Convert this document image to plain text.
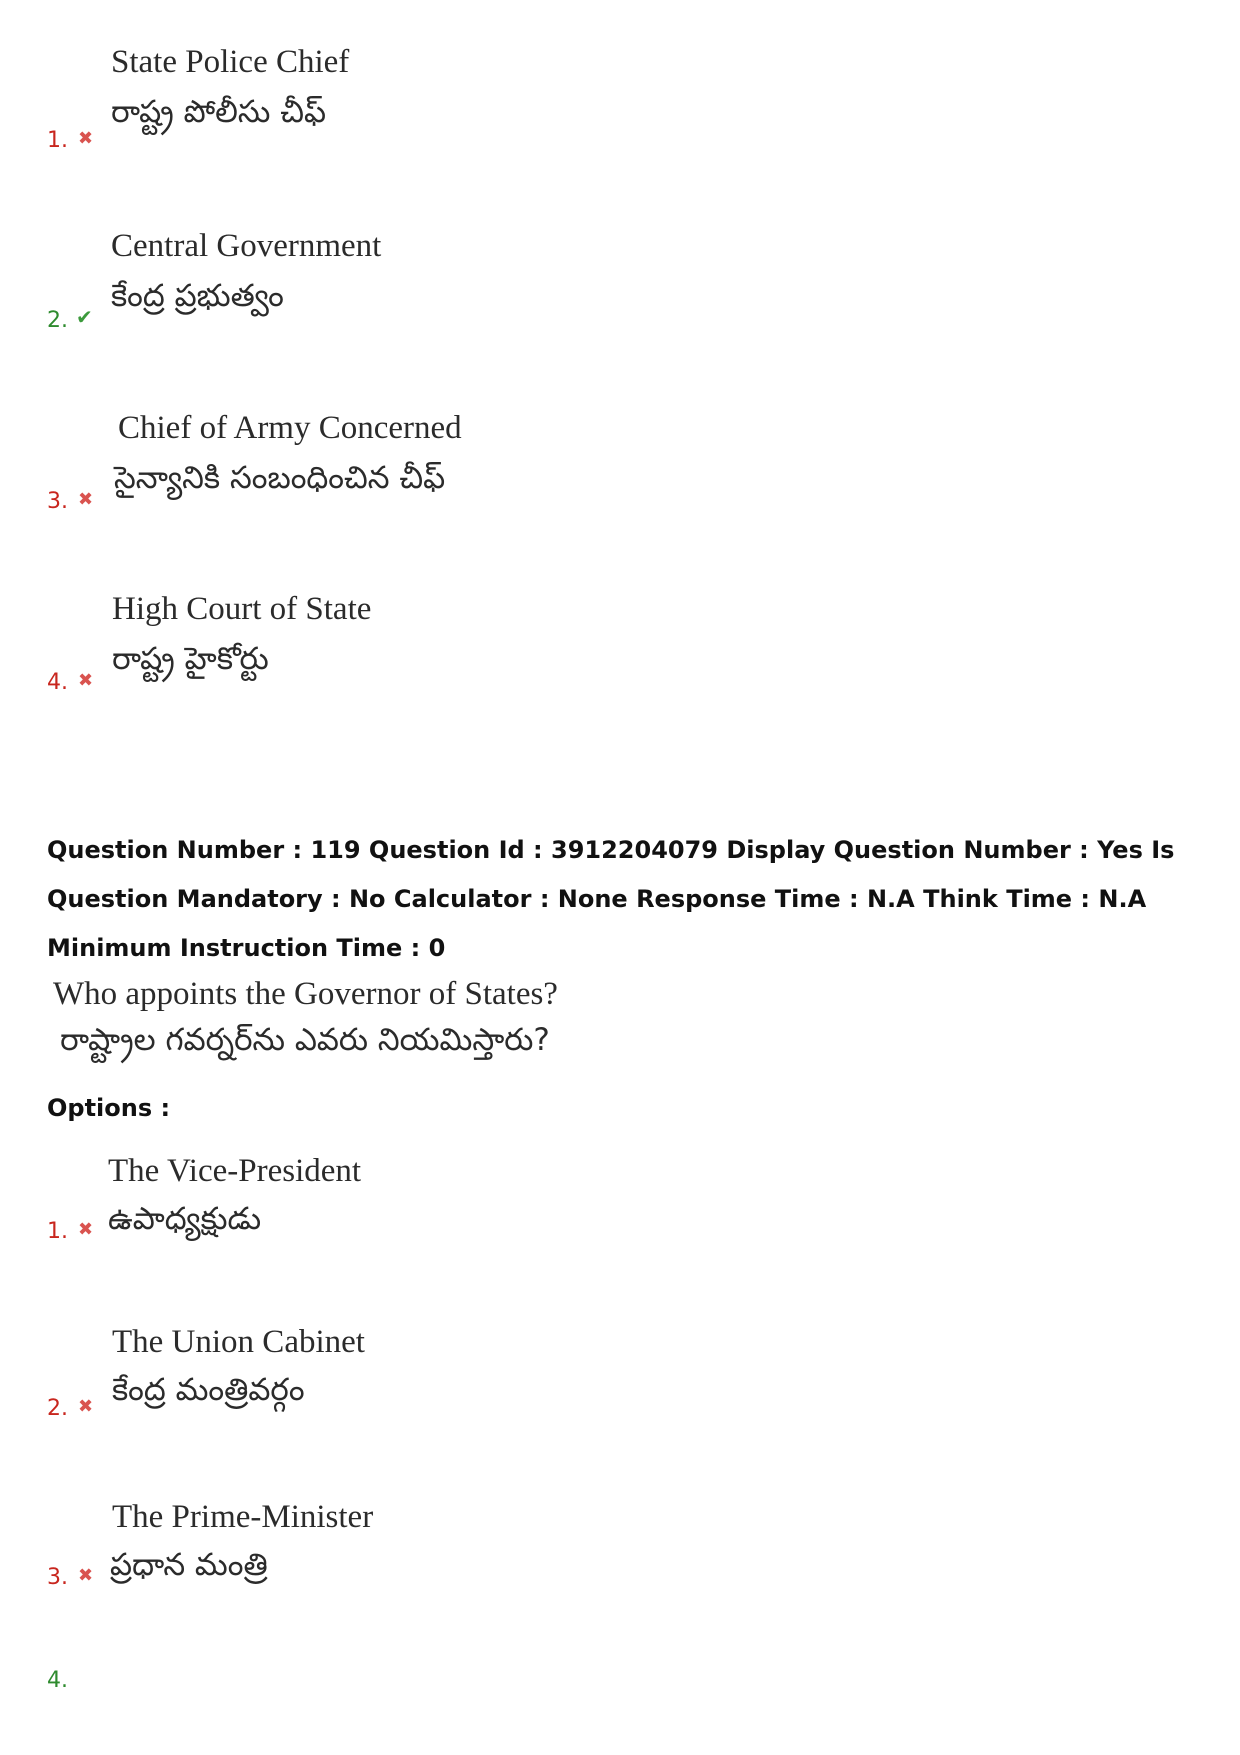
State Police Chief
రాష్ట్ర పోలీసు చీఫ్
1. ✖
Central Government
కేంద్ర ప్రభుత్వం
2. ✔
Chief of Army Concerned
సైన్యానికి సంబంధించిన చీఫ్
3. ✖
High Court of State
రాష్ట్ర హైకోర్టు
4. ✖
Question Number : 119 Question Id : 3912204079 Display Question Number : Yes Is Question Mandatory : No Calculator : None Response Time : N.A Think Time : N.A Minimum Instruction Time : 0
Who appoints the Governor of States?
రాష్ట్రాల గవర్నర్‌ను ఎవరు నియమిస్తారు?
Options :
The Vice-President
ఉపాధ్యక్షుడు
1. ✖
The Union Cabinet
కేంద్ర మంత్రివర్గం
2. ✖
The Prime-Minister
ప్రధాన మంత్రి
3. ✖
4.
